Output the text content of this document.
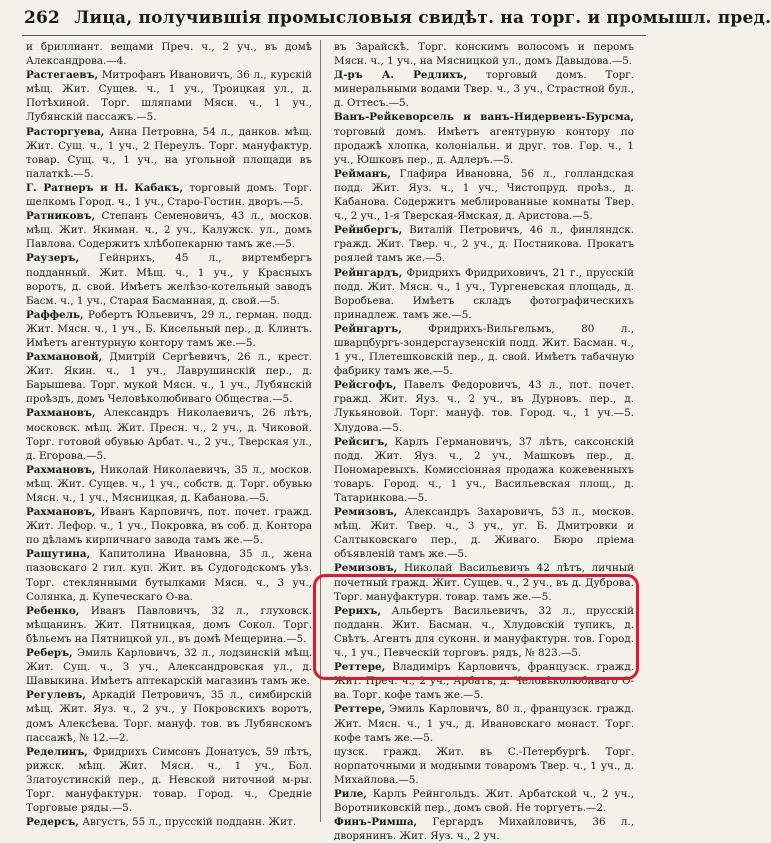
262 Лица, получившія промысловыя свидѣт. на торг. и промышл. пред.

и бриллиант. вещами Преч. ч., 2 уч., въ домѣ Александрова.—4.

Растегаевъ, Митрофанъ Ивановичъ, 36 л., курскій мѣщ. Жит. Сущев. ч., 1 уч., Троицкая ул., д. Потѣхиной. Торг. шляпами Мясн. ч., 1 уч., Лубянскій пассажъ.—5.

Расторгуева, Анна Петровна, 54 л., данков. мѣщ. Жит. Сущ. ч., 1 уч., 2 Переулъ. Торг. мануфактур. товар. Сущ. ч., 1 уч., на угольной площади въ палаткѣ.—5.

Г. Ратнеръ и Н. Кабакъ, торговый домъ. Торг. шелкомъ Город. ч., 1 уч., Старо-Гостин. дворъ.—5.

Ратниковъ, Степанъ Семеновичъ, 43 л., москов. мѣщ. Жит. Якиман. ч., 2 уч., Калужск. ул., домъ Павлова. Содержитъ хлѣбопекарню тамъ же.—5.

Раузеръ, Гейнрихъ, 45 л., виртембергъ подданный. Жит. Мѣщ. ч., 1 уч., у Красныхъ воротъ, д. свой. Имѣетъ желѣзо-котельный заводъ Басм. ч., 1 уч., Старая Басманная, д. свой.—5.

Раффель, Робертъ Юльевичъ, 29 л., герман. подд. Жит. Мясн. ч., 1 уч., Б. Кисельный пер., д. Клинтъ. Имѣетъ агентурную контору тамъ же.—5.

Рахмановой, Дмитрій Сергѣевичъ, 26 л., крест. Жит. Якин. ч., 1 уч., Лаврушинскій пер., д. Барышева. Торг. мукой Мясн. ч., 1 уч., Лубянскій проѣздъ, домъ Человѣколюбиваго Общества.—5.

Рахмановъ, Александръ Николаевичъ, 26 лѣтъ, московск. мѣщ. Жит. Пресн. ч., 2 уч., д. Чиковой. Торг. готовой обувью Арбат. ч., 2 уч., Тверская ул., д. Егорова.—5.

Рахмановъ, Николай Николаевичъ, 35 л., москов. мѣщ. Жит. Сущев. ч., 1 уч., собств. д. Торг. обувью Мясн. ч., 1 уч., Мясницкая, д. Кабанова.—5.

Рахмановъ, Иванъ Карповичъ, пот. почет. гражд. Жит. Лефор. ч., 1 уч., Покровка, въ соб. д. Контора по дѣламъ кирпичнаго завода тамъ же.—5.

Рашутина, Капитолина Ивановна, 35 л., жена пазовскаго 2 гил. куп. Жит. въ Судогодскомъ уѣз. Торг. стеклянными бутылками Мясн. ч., 3 уч., Солянка, д. Купеческаго О-ва.

Ребенко, Иванъ Павловичъ, 32 л., глуховск. мѣщанинъ. Жит. Пятницкая, домъ Сокол. Торг. бѣльемъ на Пятницкой ул., въ домѣ Мещерина.—5.

Реберъ, Эмиль Карловичъ, 32 л., лодзинскій мѣщ. Жит. Сущ. ч., 3 уч., Александровская ул., д. Шавыкина. Имѣетъ аптекарскій магазинъ тамъ же.

Регулевъ, Аркадій Петровичъ, 35 л., симбирскій мѣщ. Жит. Яуз. ч., 2 уч., у Покровскихъ воротъ, домъ Алексѣева. Торг. мануф. тов. въ Лубянскомъ пассажѣ, № 12.—2.

Ределинъ, Фридрихъ Симсонъ Донатусъ, 59 лѣтъ, рижск. мѣщ. Жит. Мясн. ч., 1 уч., Бол. Златоустинскій пер., д. Невской ниточной м-ры. Торг. мануфактурн. товар. Город. ч., Средніе Торговые ряды.—5.

Редерсъ, Августъ, 55 л., прусскій подданн. Жит.

въ Зарайскѣ. Торг. конскимъ волосомъ и перомъ Мясн. ч., 1 уч., на Мясницкой ул., домъ Давыдова.—5.

Д-ръ А. Редлихъ, торговый домъ. Торг. минеральными водами Твер. ч., 3 уч., Страстной бул., д. Оттесъ.—5.

Ванъ-Рейкеворсель и ванъ-Нидервенъ-Бурсма, торговый домъ. Имѣетъ агентурную контору по продажѣ хлопка, колоніальн. и друг. тов. Гор. ч., 1 уч., Юшковъ пер., д. Адлеръ.—5.

Рейманъ, Глафира Ивановна, 56 л., голландская подд. Жит. Яуз. ч., 1 уч., Чистопруд. проѣз., д. Кабанова. Содержитъ меблированные комнаты Твер. ч., 2 уч., 1-я Тверская-Ямская, д. Аристова.—5.

Рейнбергъ, Виталій Петровичъ, 46 л., финляндск. гражд. Жит. Твер. ч., 2 уч., д. Постникова. Прокатъ роялей тамъ же.—5.

Рейнгардъ, Фридрихъ Фридриховичъ, 21 г., прусскій подд. Жит. Мясн. ч., 1 уч., Тургеневская площадь, д. Воробьева. Имѣетъ складъ фотографическихъ принадлеж. тамъ же.—5.

Рейнгартъ,	Фридрихъ-Вильгельмъ, 80 л., шварцбургъ-зондерсгаузенскій подд. Жит. Басман. ч., 1 уч., Плетешковскій пер., д. свой. Имѣетъ табачную фабрику тамъ же.—5.

Рейсгофъ, Павелъ Федоровичъ, 43 л., пот. почет. гражд. Жит. Яуз. ч., 2 уч., въ Дурновъ. пер., д. Лукьяновой. Торг. мануф. тов. Город. ч., 1 уч.—5. Хлудова.—5.

Рейсигъ, Карлъ Германовичъ, 37 лѣтъ, саксонскій подд. Жит. Яуз. ч., 2 уч., Машковъ пер., д. Пономаревыхъ. Комиссіонная продажа кожевенныхъ товаръ. Город. ч., 1 уч., Васильевская площ., д. Татаринкова.—5.

Ремизовъ, Александръ Захаровичъ, 53 л., москов. мѣщ. Жит. Твер. ч., 3 уч., уг. Б. Дмитровки и Салтыковскаго пер., д. Живаго. Бюро пріема объявленій тамъ же.—5.

Ремизовъ, Николай Васильевичъ 42 лѣтъ, личный почетный гражд. Жит. Сущев. ч., 2 уч., въ д. Дуброва. Торг. мануфактурн. товар. тамъ же.—5.

Рерихъ, Альбертъ Васильевичъ, 32 л., прусскій подданн. Жит. Басман. ч., Хлудовскій тупикъ, д. Свѣтъ. Агентъ для суконн. и мануфактурн. тов. Город. ч., 1 уч., Певческій торговъ. рядъ, № 823.—5.

Реттере, Владиміръ Карловичъ, французск. гражд. Жит. Преч. ч., 2 уч., Арбатъ, д. Человѣколюбиваго О-ва. Торг. кофе тамъ же.—5.

Реттере, Эмиль Карловичъ, 80 л., французск. гражд. Жит. Мясн. ч., 1 уч., д. Ивановскаго монаст. Торг. кофе тамъ же.—5.

цузск. гражд. Жит. въ С.-Петербургѣ. Торг. норпаточными и модными товаромъ Твер. ч., 1 уч., д. Михайлова.—5.

Риле, Карлъ Рейнгольдъ. Жит. Арбатской ч., 2 уч., Воротниковскій пер., домъ свой. Не торгуетъ.—2.

Финъ-Римша, Гергардъ Михайловичъ, 36 л., дворянинъ. Жит. Яуз. ч., 2 уч.
